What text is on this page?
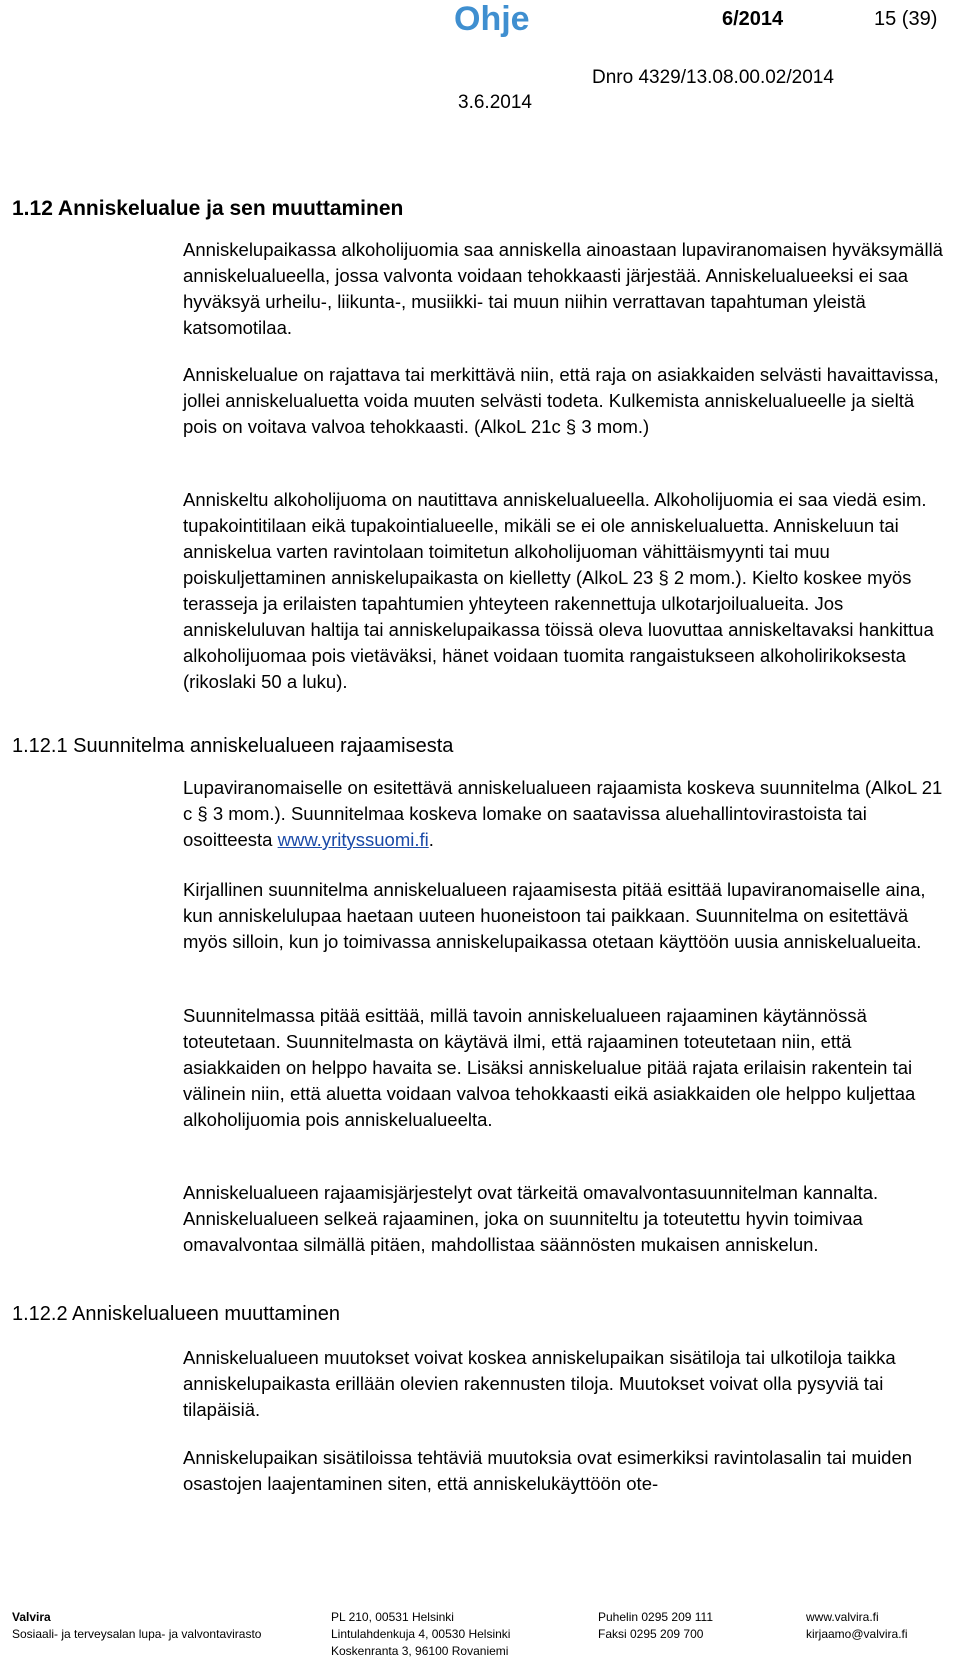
Ohje	6/2014	15 (39)
Dnro 4329/13.08.00.02/2014
3.6.2014
1.12 Anniskelualue ja sen muuttaminen

Anniskelupaikassa alkoholijuomia saa anniskella ainoastaan lupaviranomaisen hyväksymällä anniskelualueella, jossa valvonta voidaan tehokkaasti järjestää. Anniskelualueeksi ei saa hyväksyä urheilu-, liikunta-, musiikki- tai muun niihin verrattavan tapahtuman yleistä katsomotilaa.

Anniskelualue on rajattava tai merkittävä niin, että raja on asiakkaiden selvästi havaittavissa, jollei anniskelualuetta voida muuten selvästi todeta. Kulkemista anniskelualueelle ja sieltä pois on voitava valvoa tehokkaasti. (AlkoL 21c § 3 mom.)

Anniskeltu alkoholijuoma on nautittava anniskelualueella. Alkoholijuomia ei saa viedä esim. tupakointitilaan eikä tupakointialueelle, mikäli se ei ole anniskelualuetta. Anniskeluun tai anniskelua varten ravintolaan toimitetun alkoholijuoman vähittäismyynti tai muu poiskuljettaminen anniskelupaikasta on kielletty (AlkoL 23 § 2 mom.). Kielto koskee myös terasseja ja erilaisten tapahtumien yhteyteen rakennettuja ulkotarjoilualueita. Jos anniskeluluvan haltija tai anniskelupaikassa töissä oleva luovuttaa anniskeltavaksi hankittua alkoholijuomaa pois vietäväksi, hänet voidaan tuomita rangaistukseen alkoholirikoksesta (rikoslaki 50 a luku).

1.12.1 Suunnitelma anniskelualueen rajaamisesta

Lupaviranomaiselle on esitettävä anniskelualueen rajaamista koskeva suunnitelma (AlkoL 21 c § 3 mom.). Suunnitelmaa koskeva lomake on saatavissa aluehallintovirastoista tai osoitteesta www.yrityssuomi.fi.

Kirjallinen suunnitelma anniskelualueen rajaamisesta pitää esittää lupaviranomaiselle aina, kun anniskelulupaa haetaan uuteen huoneistoon tai paikkaan. Suunnitelma on esitettävä myös silloin, kun jo toimivassa anniskelupaikassa otetaan käyttöön uusia anniskelualueita.

Suunnitelmassa pitää esittää, millä tavoin anniskelualueen rajaaminen käytännössä toteutetaan. Suunnitelmasta on käytävä ilmi, että rajaaminen toteutetaan niin, että asiakkaiden on helppo havaita se. Lisäksi anniskelualue pitää rajata erilaisin rakentein tai välinein niin, että aluetta voidaan valvoa tehokkaasti eikä asiakkaiden ole helppo kuljettaa alkoholijuomia pois anniskelualueelta.

Anniskelualueen rajaamisjärjestelyt ovat tärkeitä omavalvontasuunnitelman kannalta. Anniskelualueen selkeä rajaaminen, joka on suunniteltu ja toteutettu hyvin toimivaa omavalvontaa silmällä pitäen, mahdollistaa säännösten mukaisen anniskelun.

1.12.2 Anniskelualueen muuttaminen

Anniskelualueen muutokset voivat koskea anniskelupaikan sisätiloja tai ulkotiloja taikka anniskelupaikasta erillään olevien rakennusten tiloja. Muutokset voivat olla pysyviä tai tilapäisiä.

Anniskelupaikan sisätiloissa tehtäviä muutoksia ovat esimerkiksi ravintolasalin tai muiden osastojen laajentaminen siten, että anniskelukäyttöön ote-

Valvira
Sosiaali- ja terveysalan lupa- ja valvontavirasto
PL 210, 00531 Helsinki
Lintulahdenkuja 4, 00530 Helsinki
Koskenranta 3, 96100 Rovaniemi
Puhelin 0295 209 111
Faksi 0295 209 700
www.valvira.fi
kirjaamo@valvira.fi
